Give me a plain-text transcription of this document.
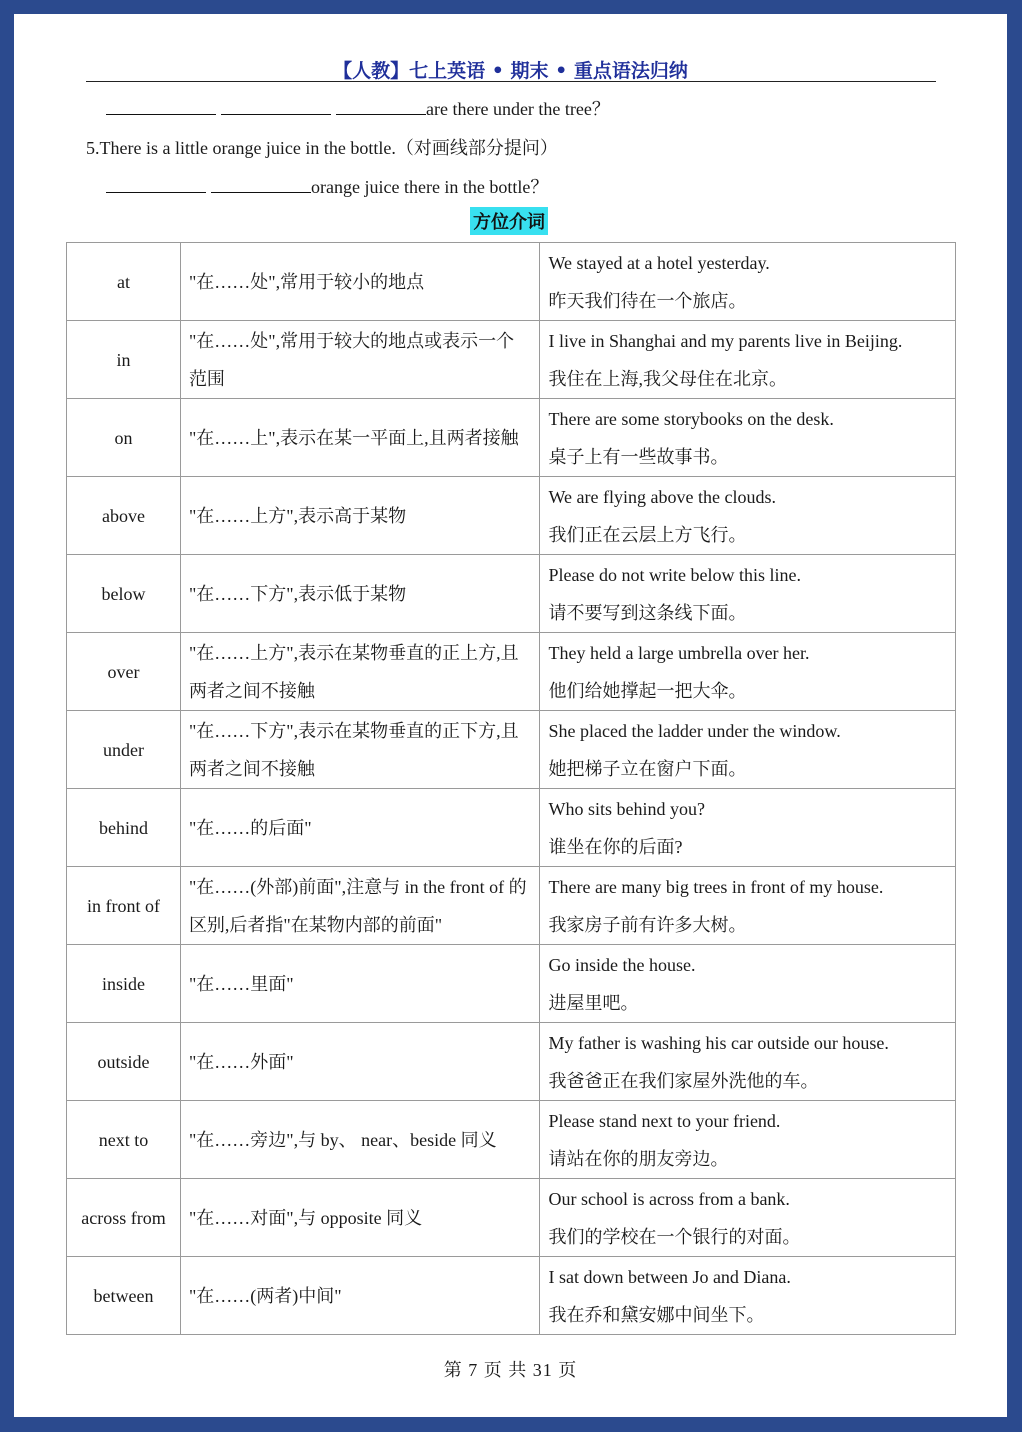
【人教】七上英语 • 期末 • 重点语法归纳
are there under the tree？
5.There is a little orange juice in the bottle.（对画线部分提问）
orange juice there in the bottle？
方位介词
at	"在……处",常用于较小的地点	We stayed at a hotel yesterday.
昨天我们待在一个旅店。

in	"在……处",常用于较大的地点或表示一个范围	I live in Shanghai and my parents live in Beijing.
我住在上海,我父母住在北京。

on	"在……上",表示在某一平面上,且两者接触	There are some storybooks on the desk.
桌子上有一些故事书。

above	"在……上方",表示高于某物	We are flying above the clouds.
我们正在云层上方飞行。

below	"在……下方",表示低于某物	Please do not write below this line.
请不要写到这条线下面。

over	"在……上方",表示在某物垂直的正上方,且两者之间不接触	They held a large umbrella over her.
他们给她撑起一把大伞。

under	"在……下方",表示在某物垂直的正下方,且两者之间不接触	She placed the ladder under the window.
她把梯子立在窗户下面。

behind	"在……的后面"	Who sits behind you?
谁坐在你的后面?

in front of	"在……(外部)前面",注意与 in the front of 的区别,后者指"在某物内部的前面"	There are many big trees in front of my house.
我家房子前有许多大树。

inside	"在……里面"	Go inside the house.
进屋里吧。

outside	"在……外面"	My father is washing his car outside our house.
我爸爸正在我们家屋外洗他的车。

next to	"在……旁边",与 by、 near、beside 同义	Please stand next to your friend.
请站在你的朋友旁边。

across from	"在……对面",与 opposite 同义	Our school is across from a bank.
我们的学校在一个银行的对面。

between	"在……(两者)中间"	I sat down between Jo and Diana.
我在乔和黛安娜中间坐下。
第 7 页 共 31 页
